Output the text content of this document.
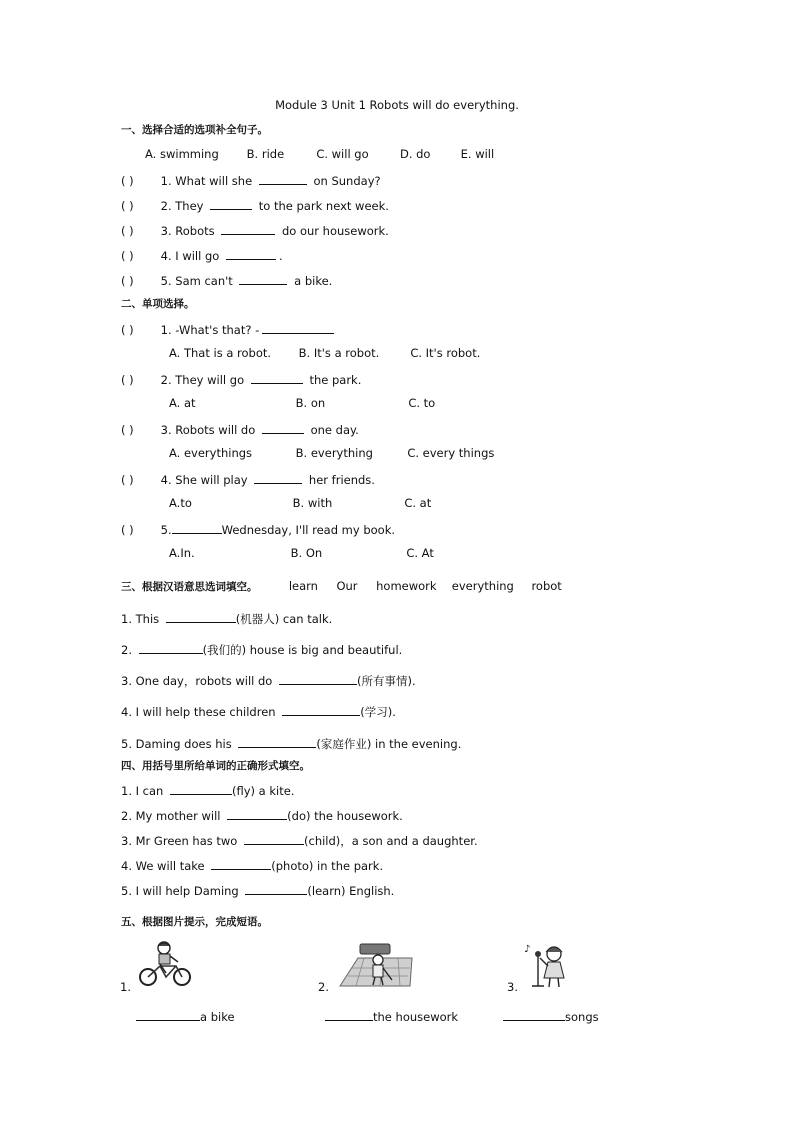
Module 3 Unit 1 Robots will do everything.
一、选择合适的选项补全句子。
A. swimming B. ride	C. will go	D. do	E. will
( ) 1. What will she	on Sunday?
( ) 2. They	to the park next week.
( ) 3. Robots	do our housework.
( ) 4. I will go	.
( ) 5. Sam can't	a bike.
二、单项选择。
( ) 1. -What's that? -
A. That is a robot. B. It's a robot.	C. It's robot.
( ) 2. They will go	the park.
A. at	B. on	C. to
( ) 3. Robots will do	one day.
A. everythings	B. everything	C. every things
( ) 4. She will play	her friends.
A.to	B. with	C. at
( ) 5.	Wednesday, I'll read my book.
A.In.	B. On	C. At
三、根据汉语意思选词填空。	learn Our homework everything robot
1. This	(机器人) can talk.
2.	(我们的) house is big and beautiful.
3. One day，robots will do	(所有事情).
4. I will help these children	(学习).
5. Daming does his	(家庭作业) in the evening.
四、用括号里所给单词的正确形式填空。
1. I can	(fly) a kite.
2. My mother will	(do) the housework.
3. Mr Green has two	(child)，a son and a daughter.
4. We will take	(photo) in the park.
5. I will help Daming	(learn) English.
五、根据图片提示，完成短语。
1.	2.	3.
♪
a bike	the housework	songs
